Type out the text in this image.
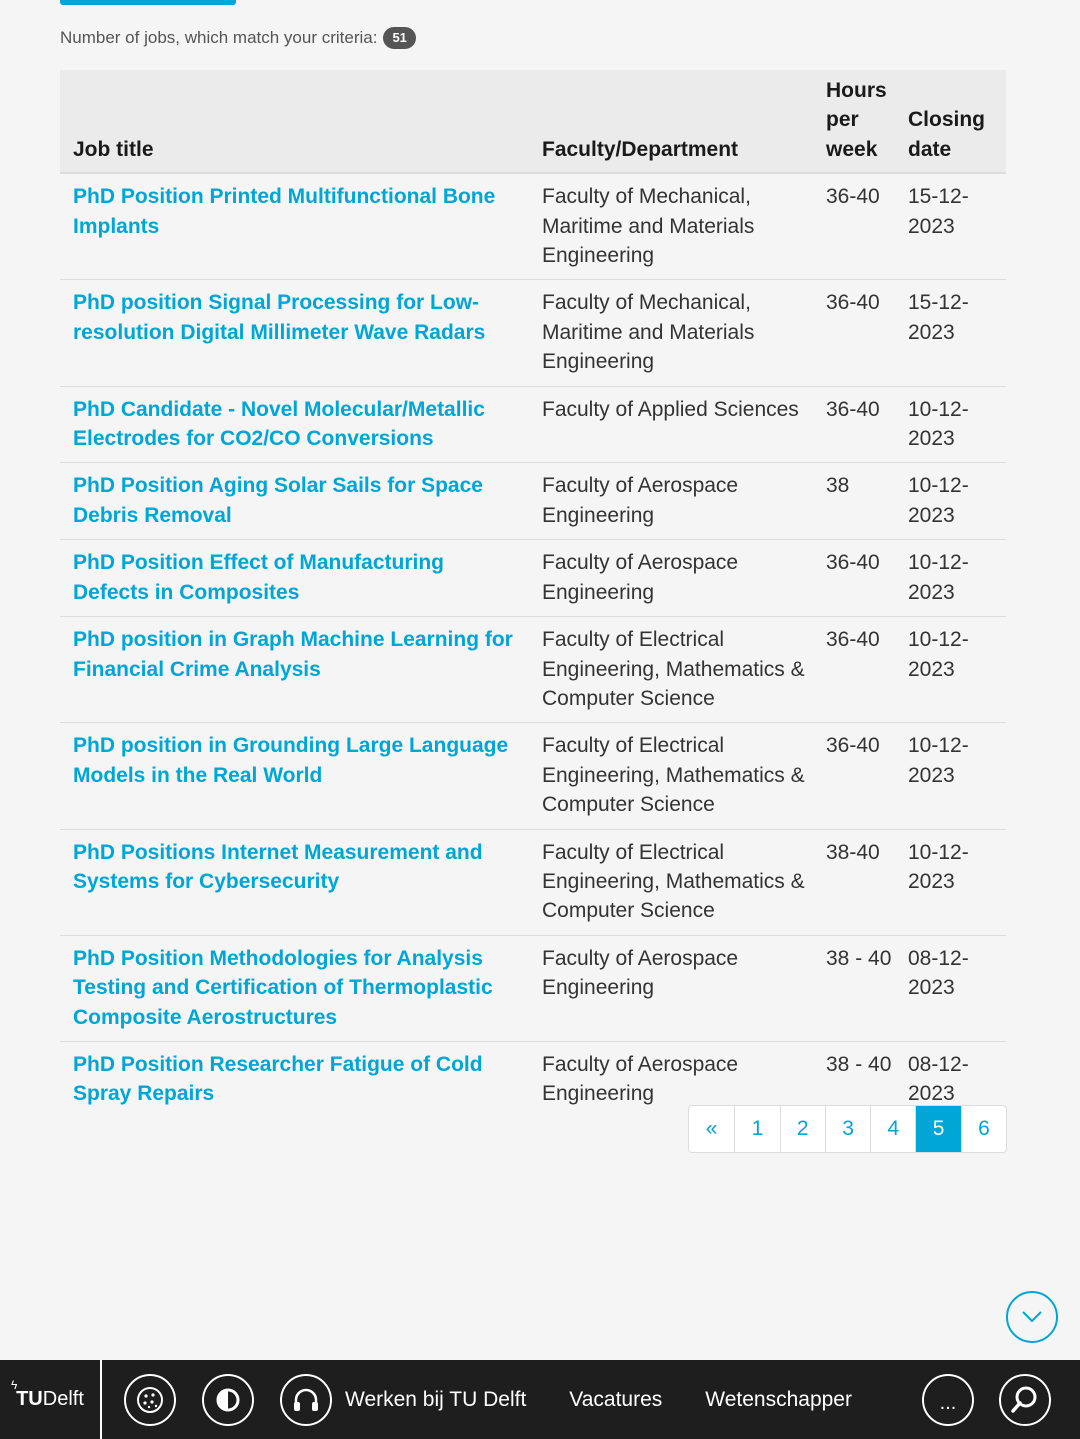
Number of jobs, which match your criteria:	51
Job title	Faculty/Department	Hours per week	Closing date
PhD Position Printed Multifunctional Bone Implants	Faculty of Mechanical, Maritime and Materials Engineering	36-40	15-12-2023
PhD position Signal Processing for Low-resolution Digital Millimeter Wave Radars	Faculty of Mechanical, Maritime and Materials Engineering	36-40	15-12-2023
PhD Candidate - Novel Molecular/Metallic Electrodes for CO2/CO Conversions	Faculty of Applied Sciences	36-40	10-12-2023
PhD Position Aging Solar Sails for Space Debris Removal	Faculty of Aerospace Engineering	38	10-12-2023
PhD Position Effect of Manufacturing Defects in Composites	Faculty of Aerospace Engineering	36-40	10-12-2023
PhD position in Graph Machine Learning for Financial Crime Analysis	Faculty of Electrical Engineering, Mathematics & Computer Science	36-40	10-12-2023
PhD position in Grounding Large Language Models in the Real World	Faculty of Electrical Engineering, Mathematics & Computer Science	36-40	10-12-2023
PhD Positions Internet Measurement and Systems for Cybersecurity	Faculty of Electrical Engineering, Mathematics & Computer Science	38-40	10-12-2023
PhD Position Methodologies for Analysis Testing and Certification of Thermoplastic Composite Aerostructures	Faculty of Aerospace Engineering	38 - 40	08-12-2023
PhD Position Researcher Fatigue of Cold Spray Repairs	Faculty of Aerospace Engineering	38 - 40	08-12-2023
«	1	2	3	4	5	6
ϟ
TU Delft	Werken bij TU Delft Vacatures Wetenschapper	...
